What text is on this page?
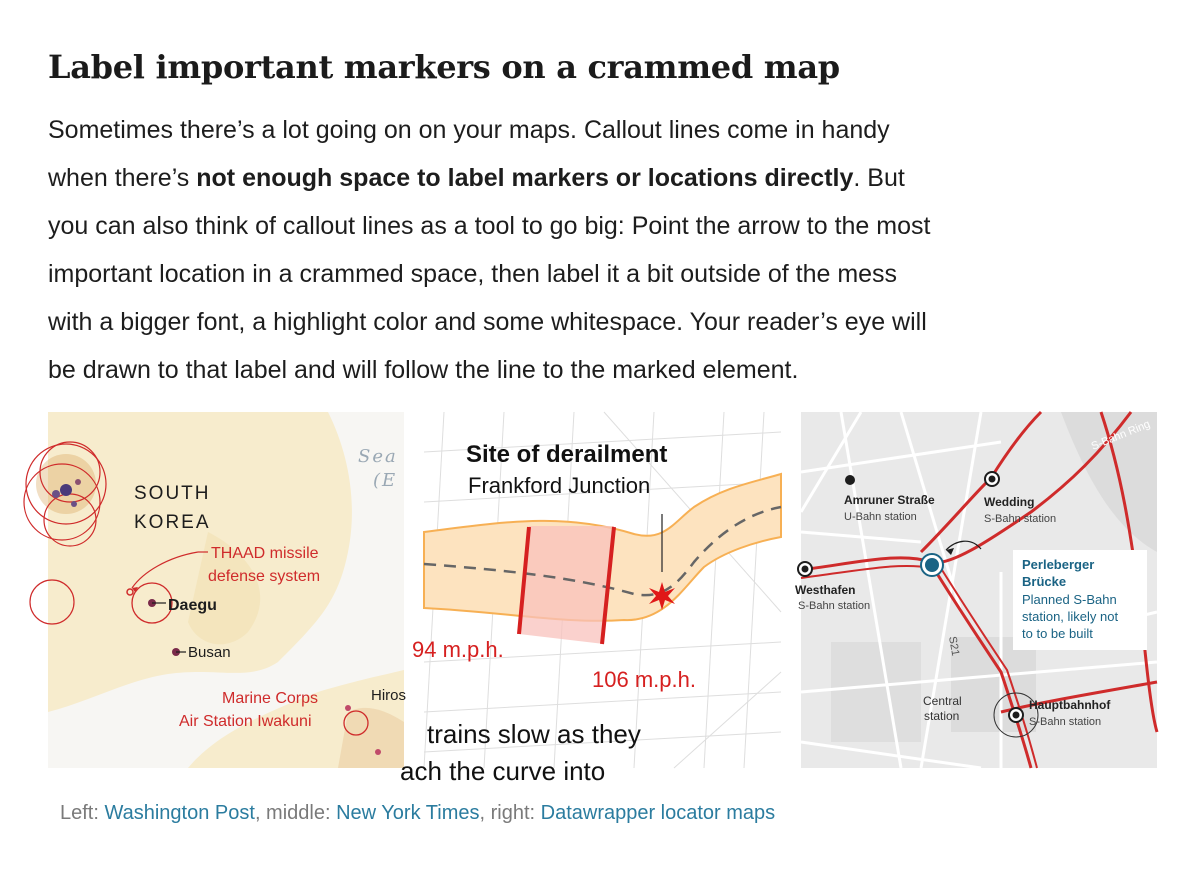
Label important markers on a crammed map

Sometimes there’s a lot going on on your maps. Callout lines come in handy when there’s not enough space to label markers or locations directly. But you can also think of callout lines as a tool to go big: Point the arrow to the most important location in a crammed space, then label it a bit outside of the mess with a bigger font, a highlight color and some whitespace. Your reader’s eye will be drawn to that label and will follow the line to the marked element.

SOUTH
KOREA
Sea
(E
THAAD missile
defense system
Daegu
Busan
Marine Corps
Air Station Iwakuni
Hiros
Site of derailment
Frankford Junction
94 m.p.h.
106 m.p.h.
trains slow as they
ach the curve into
S-Bahn Ring
Amruner Straße
U-Bahn station
Wedding
S-Bahn station
Westhafen
S-Bahn station
Perleberger
Brücke
Planned S-Bahn
station, likely not
to to be built
S21
Central
station
Hauptbahnhof
S-Bahn station

Left: Washington Post, middle: New York Times, right: Datawrapper locator maps
